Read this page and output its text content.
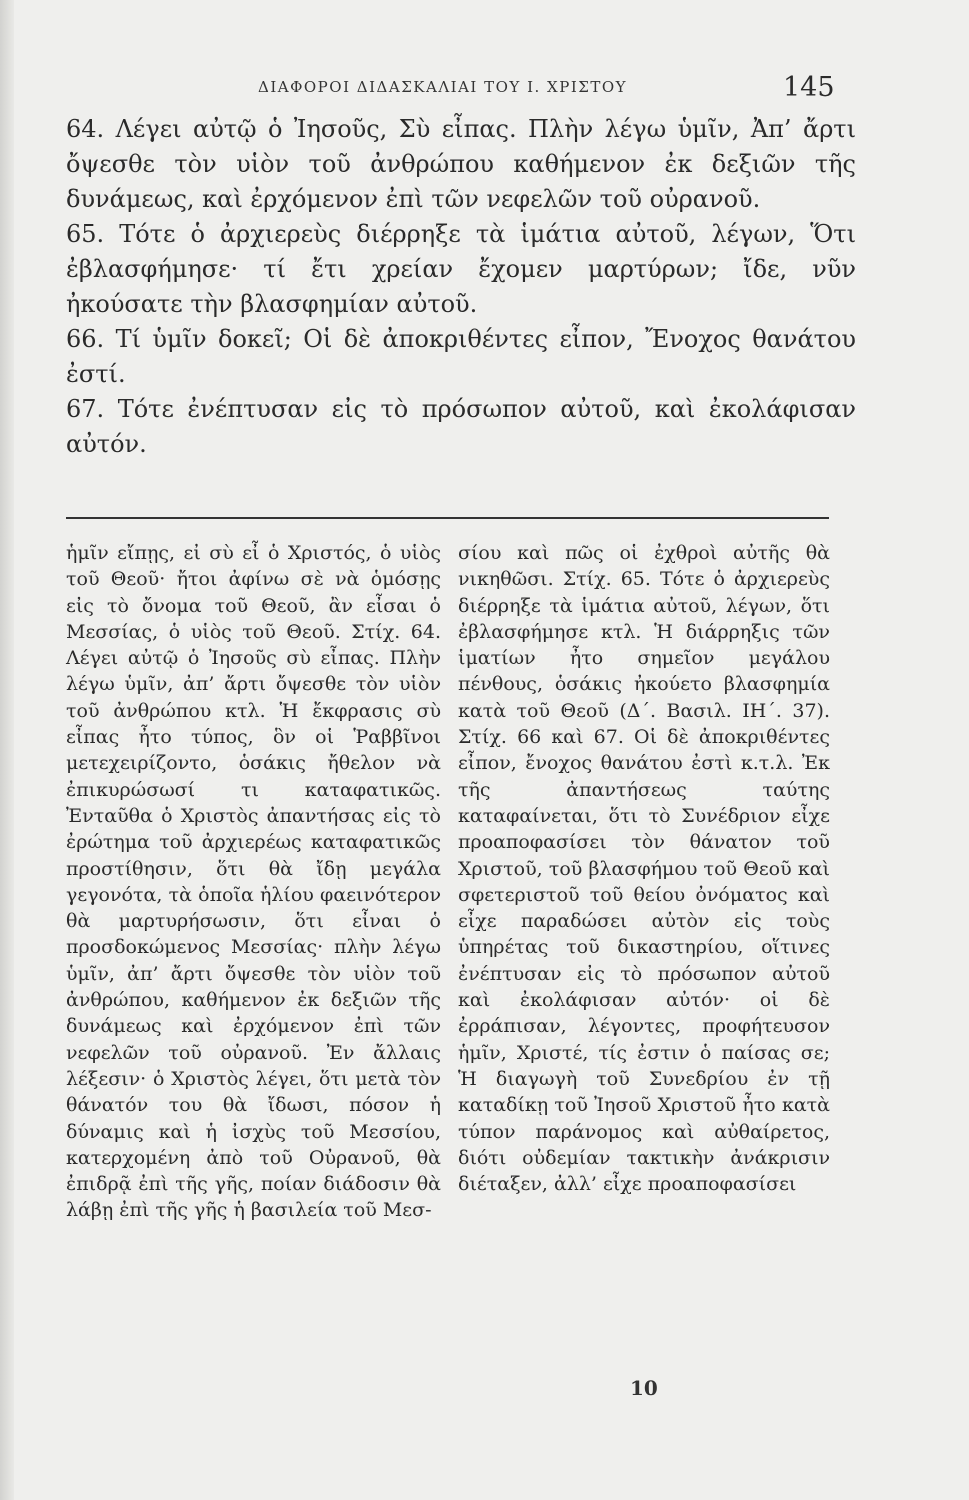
ΔΙΑΦΟΡΟΙ ΔΙΔΑΣΚΑΛΙΑΙ ΤΟΥ Ι. ΧΡΙΣΤΟΥ	145
64. Λέγει αὐτῷ ὁ Ἰησοῦς, Σὺ εἶπας. Πλὴν λέγω ὑμῖν, Ἀπ’ ἄρτι ὄψεσθε τὸν υἱὸν τοῦ ἀνθρώπου καθήμενον ἐκ δεξιῶν τῆς δυνάμεως, καὶ ἐρχόμενον ἐπὶ τῶν νεφελῶν τοῦ οὐρανοῦ.
65. Τότε ὁ ἀρχιερεὺς διέρρηξε τὰ ἱμάτια αὐτοῦ, λέγων, Ὅτι ἐβλασφήμησε· τί ἔτι χρείαν ἔχομεν μαρτύρων; ἴδε, νῦν ἠκούσατε τὴν βλασφημίαν αὐτοῦ.
66. Τί ὑμῖν δοκεῖ; Οἱ δὲ ἀποκριθέντες εἶπον, Ἔνοχος θανάτου ἐστί.
67. Τότε ἐνέπτυσαν εἰς τὸ πρόσωπον αὐτοῦ, καὶ ἐκολάφισαν αὐτόν.

ἡμῖν εἴπῃς, εἰ σὺ εἶ ὁ Χριστός, ὁ υἱὸς τοῦ Θεοῦ· ἤτοι ἀφίνω σὲ νὰ ὁμόσῃς εἰς τὸ ὄνομα τοῦ Θεοῦ, ἂν εἶσαι ὁ Μεσσίας, ὁ υἱὸς τοῦ Θεοῦ. Στίχ. 64. Λέγει αὐτῷ ὁ Ἰησοῦς σὺ εἶπας. Πλὴν λέγω ὑμῖν, ἀπ’ ἄρτι ὄψεσθε τὸν υἱὸν τοῦ ἀνθρώπου κτλ. Ἡ ἔκφρασις σὺ εἶπας ἦτο τύπος, ὃν οἱ Ῥαββῖνοι μετεχειρίζοντο, ὁσάκις ἤθελον νὰ ἐπικυρώσωσί τι καταφατικῶς. Ἐνταῦθα ὁ Χριστὸς ἀπαντήσας εἰς τὸ ἐρώτημα τοῦ ἀρχιερέως καταφατικῶς προστίθησιν, ὅτι θὰ ἴδῃ μεγάλα γεγονότα, τὰ ὁποῖα ἡλίου φαεινότερον θὰ μαρτυρήσωσιν, ὅτι εἶναι ὁ προσδοκώμενος Μεσσίας· πλὴν λέγω ὑμῖν, ἀπ’ ἄρτι ὄψεσθε τὸν υἱὸν τοῦ ἀνθρώπου, καθήμενον ἐκ δεξιῶν τῆς δυνάμεως καὶ ἐρχόμενον ἐπὶ τῶν νεφελῶν τοῦ οὐρανοῦ. Ἐν ἄλλαις λέξεσιν· ὁ Χριστὸς λέγει, ὅτι μετὰ τὸν θάνατόν του θὰ ἴδωσι, πόσον ἡ δύναμις καὶ ἡ ἰσχὺς τοῦ Μεσσίου, κατερχομένη ἀπὸ τοῦ Οὐρανοῦ, θὰ ἐπιδρᾷ ἐπὶ τῆς γῆς, ποίαν διάδοσιν θὰ λάβῃ ἐπὶ τῆς γῆς ἡ βασιλεία τοῦ Μεσ-

σίου καὶ πῶς οἱ ἐχθροὶ αὐτῆς θὰ νικηθῶσι. Στίχ. 65. Τότε ὁ ἀρχιερεὺς διέρρηξε τὰ ἱμάτια αὐτοῦ, λέγων, ὅτι ἐβλασφήμησε κτλ. Ἡ διάρρηξις τῶν ἱματίων ἦτο σημεῖον μεγάλου πένθους, ὁσάκις ἠκούετο βλασφημία κατὰ τοῦ Θεοῦ (Δ΄. Βασιλ. ΙΗ΄. 37). Στίχ. 66 καὶ 67. Οἱ δὲ ἀποκριθέντες εἶπον, ἔνοχος θανάτου ἐστὶ κ.τ.λ. Ἐκ τῆς ἀπαντήσεως ταύτης καταφαίνεται, ὅτι τὸ Συνέδριον εἶχε προαποφασίσει τὸν θάνατον τοῦ Χριστοῦ, τοῦ βλασφήμου τοῦ Θεοῦ καὶ σφετεριστοῦ τοῦ θείου ὀνόματος καὶ εἶχε παραδώσει αὐτὸν εἰς τοὺς ὑπηρέτας τοῦ δικαστηρίου, οἵτινες ἐνέπτυσαν εἰς τὸ πρόσωπον αὐτοῦ καὶ ἐκολάφισαν αὐτόν· οἱ δὲ ἐρράπισαν, λέγοντες, προφήτευσον ἡμῖν, Χριστέ, τίς ἐστιν ὁ παίσας σε; Ἡ διαγωγὴ τοῦ Συνεδρίου ἐν τῇ καταδίκῃ τοῦ Ἰησοῦ Χριστοῦ ἦτο κατὰ τύπον παράνομος καὶ αὐθαίρετος, διότι οὐδεμίαν τακτικὴν ἀνάκρισιν διέταξεν, ἀλλ’ εἶχε προαποφασίσει

10
